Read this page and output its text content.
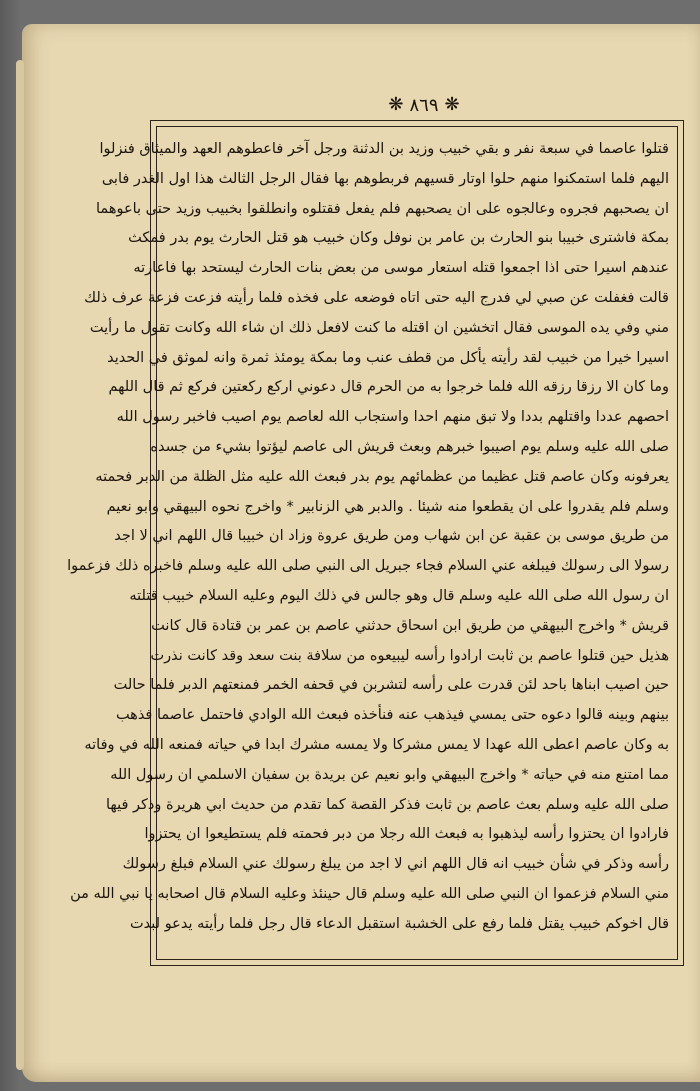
❋ ٨٦٩ ❋
قتلوا عاصما في سبعة نفر و بقي خبيب وزيد بن الدثنة ورجل آخر فاعطوهم العهد والميثاق فنزلوا
اليهم فلما استمكنوا منهم حلوا اوتار قسيهم فربطوهم بها فقال الرجل الثالث هذا اول الغدر فابى
ان يصحبهم فجروه وعالجوه على ان يصحبهم فلم يفعل فقتلوه وانطلقوا بخبيب وزيد حتى باعوهما
بمكة فاشترى خبيبا بنو الحارث بن عامر بن نوفل وكان خبيب هو قتل الحارث يوم بدر فمكث
عندهم اسيرا حتى اذا اجمعوا قتله استعار موسى من بعض بنات الحارث ليستحد بها فاعارته
قالت فغفلت عن صبي لي فدرج اليه حتى اتاه فوضعه على فخذه فلما رأيته فزعت فزعة عرف ذلك
مني وفي يده الموسى فقال اتخشين ان اقتله ما كنت لافعل ذلك ان شاء الله وكانت تقول ما رأيت
اسيرا خيرا من خبيب لقد رأيته يأكل من قطف عنب وما بمكة يومئذ ثمرة وانه لموثق في الحديد
وما كان الا رزقا رزقه الله فلما خرجوا به من الحرم قال دعوني اركع ركعتين فركع ثم قال اللهم
احصهم عددا واقتلهم بددا ولا تبق منهم احدا واستجاب الله لعاصم يوم اصيب فاخبر رسول الله
صلى الله عليه وسلم يوم اصيبوا خبرهم وبعث قريش الى عاصم ليؤتوا بشيء من جسده
يعرفونه وكان عاصم قتل عظيما من عظمائهم يوم بدر فبعث الله عليه مثل الظلة من الدبر فحمته
وسلم فلم يقدروا على ان يقطعوا منه شيئا . والدبر هي الزنابير * واخرج نحوه البيهقي وابو نعيم
من طريق موسى بن عقبة عن ابن شهاب ومن طريق عروة وزاد ان خبيبا قال اللهم اني لا اجد
رسولا الى رسولك فيبلغه عني السلام فجاء جبريل الى النبي صلى الله عليه وسلم فاخبره ذلك فزعموا
ان رسول الله صلى الله عليه وسلم قال وهو جالس في ذلك اليوم وعليه السلام خبيب قتلته
قريش * واخرج البيهقي من طريق ابن اسحاق حدثني عاصم بن عمر بن قتادة قال كانت
هذيل حين قتلوا عاصم بن ثابت ارادوا رأسه ليبيعوه من سلافة بنت سعد وقد كانت نذرت
حين اصيب ابناها باحد لئن قدرت على رأسه لتشربن في قحفه الخمر فمنعتهم الدبر فلما حالت
بينهم وبينه قالوا دعوه حتى يمسي فيذهب عنه فنأخذه فبعث الله الوادي فاحتمل عاصما فذهب
به وكان عاصم اعطى الله عهدا لا يمس مشركا ولا يمسه مشرك ابدا في حياته فمنعه الله في وفاته
مما امتنع منه في حياته * واخرج البيهقي وابو نعيم عن بريدة بن سفيان الاسلمي ان رسول الله
صلى الله عليه وسلم بعث عاصم بن ثابت فذكر القصة كما تقدم من حديث ابي هريرة وذكر فيها
فارادوا ان يحتزوا رأسه ليذهبوا به فبعث الله رجلا من دبر فحمته فلم يستطيعوا ان يحتزوا
رأسه وذكر في شأن خبيب انه قال اللهم اني لا اجد من يبلغ رسولك عني السلام فبلغ رسولك
مني السلام فزعموا ان النبي صلى الله عليه وسلم قال حينئذ وعليه السلام قال اصحابه يا نبي الله من
قال اخوكم خبيب يقتل فلما رفع على الخشبة استقبل الدعاء قال رجل فلما رأيته يدعو لبدت
